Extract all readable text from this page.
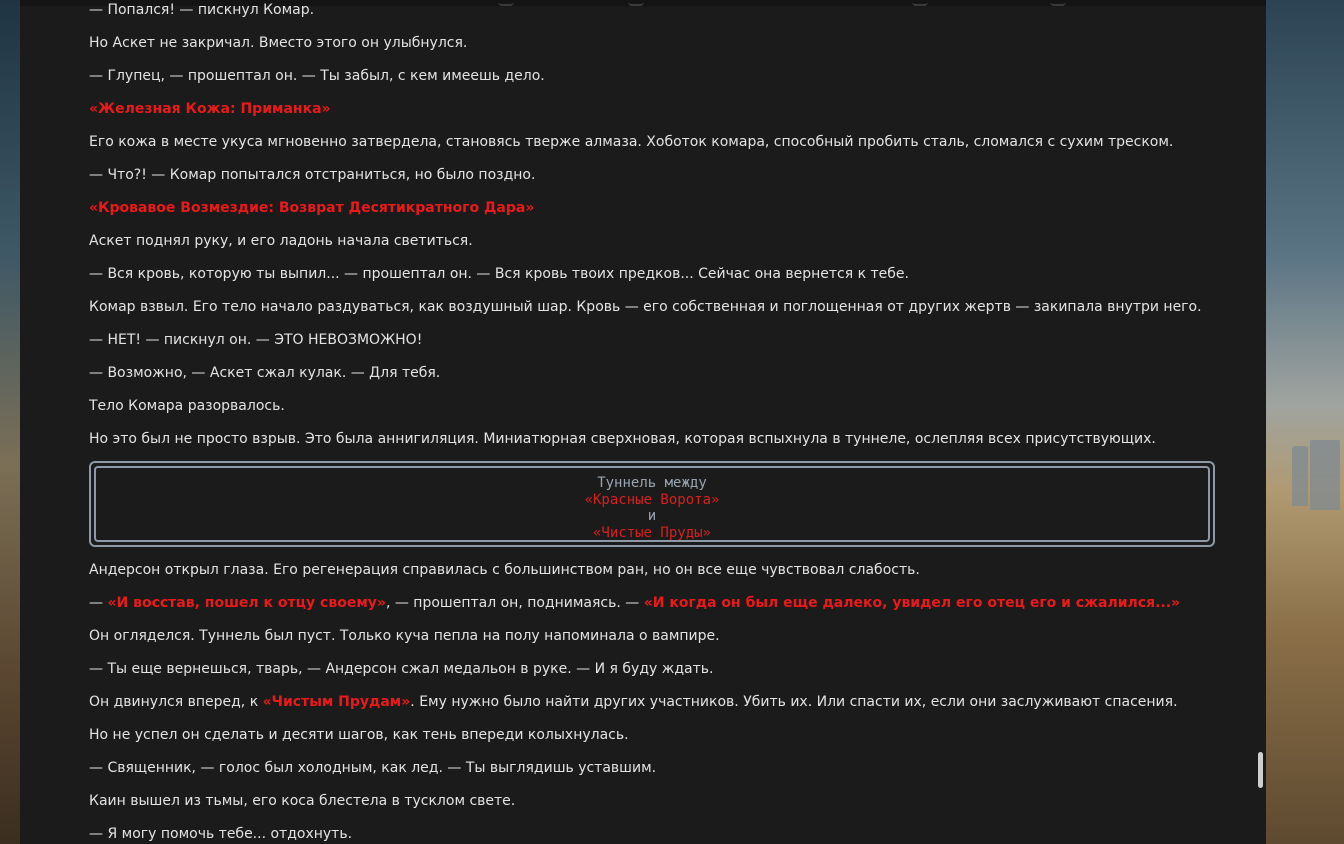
— Попался! — пискнул Комар.
Но Аскет не закричал. Вместо этого он улыбнулся.
— Глупец, — прошептал он. — Ты забыл, с кем имеешь дело.
«Железная Кожа: Приманка»
Его кожа в месте укуса мгновенно затвердела, становясь тверже алмаза. Хоботок комара, способный пробить сталь, сломался с сухим треском.
— Что?! — Комар попытался отстраниться, но было поздно.
«Кровавое Возмездие: Возврат Десятикратного Дара»
Аскет поднял руку, и его ладонь начала светиться.
— Вся кровь, которую ты выпил... — прошептал он. — Вся кровь твоих предков... Сейчас она вернется к тебе.
Комар взвыл. Его тело начало раздуваться, как воздушный шар. Кровь — его собственная и поглощенная от других жертв — закипала внутри него.
— НЕТ! — пискнул он. — ЭТО НЕВОЗМОЖНО!
— Возможно, — Аскет сжал кулак. — Для тебя.
Тело Комара разорвалось.
Но это был не просто взрыв. Это была аннигиляция. Миниатюрная сверхновая, которая вспыхнула в туннеле, ослепляя всех присутствующих.
Андерсон открыл глаза. Его регенерация справилась с большинством ран, но он все еще чувствовал слабость.
— «И восстав, пошел к отцу своему», — прошептал он, поднимаясь. — «И когда он был еще далеко, увидел его отец его и сжалился...»
Он огляделся. Туннель был пуст. Только куча пепла на полу напоминала о вампире.
— Ты еще вернешься, тварь, — Андерсон сжал медальон в руке. — И я буду ждать.
Он двинулся вперед, к «Чистым Прудам». Ему нужно было найти других участников. Убить их. Или спасти их, если они заслуживают спасения.
Но не успел он сделать и десяти шагов, как тень впереди колыхнулась.
— Священник, — голос был холодным, как лед. — Ты выглядишь уставшим.
Каин вышел из тьмы, его коса блестела в тусклом свете.
— Я могу помочь тебе... отдохнуть.
Туннель между
«Красные Ворота»
и
«Чистые Пруды»
